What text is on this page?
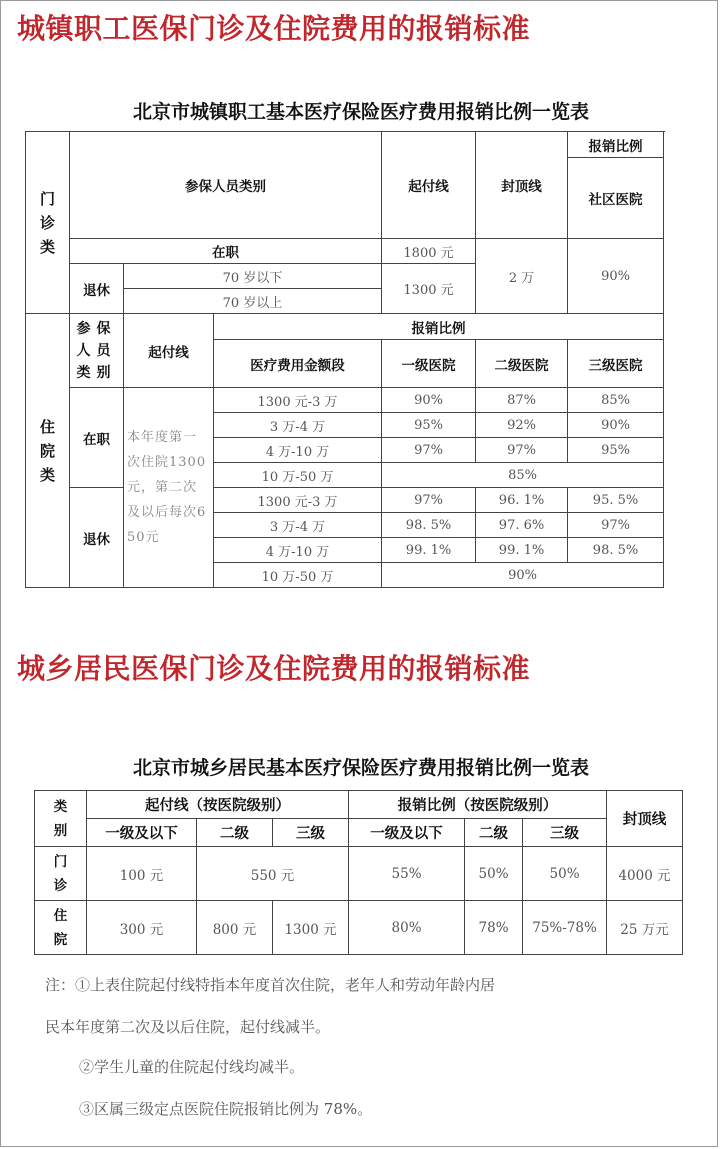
城镇职工医保门诊及住院费用的报销标准
北京市城镇职工基本医疗保险医疗费用报销比例一览表
门诊类	参保人员类别			起付线	封顶线	报销比例	
						社区医院	
	在职			1800 元	2 万	90%	
	退休	70 岁以下		1300 元	
		70 岁以上	

住院类	参保人员类别	起付线	报销比例				
			医疗费用金额段	一级医院	二级医院	三级医院	
	在职	本年度第一次住院1300元，第二次及以后每次650元	1300 元-3 万	90%	87%	85%	
			3 万-4 万	95%	92%	90%	
			4 万-10 万	97%	97%	95%	
			10 万-50 万	85%			
	退休		1300 元-3 万	97%	96. 1%	95. 5%	
			3 万-4 万	98. 5%	97. 6%	97%	
			4 万-10 万	99. 1%	99. 1%	98. 5%	
			10 万-50 万	90%			
城乡居民医保门诊及住院费用的报销标准
北京市城乡居民基本医疗保险医疗费用报销比例一览表
类别	起付线（按医院级别）			报销比例（按医院级别）			封顶线
	一级及以下	二级	三级	一级及以下	二级	三级	

门诊	100 元	550 元		55%	50%	50%	4000 元

住院	300 元	800 元	1300 元	80%	78%	75%-78%	25 万元
注：①上表住院起付线特指本年度首次住院，老年人和劳动年龄内居
民本年度第二次及以后住院，起付线减半。
②学生儿童的住院起付线均减半。
③区属三级定点医院住院报销比例为 78%。
